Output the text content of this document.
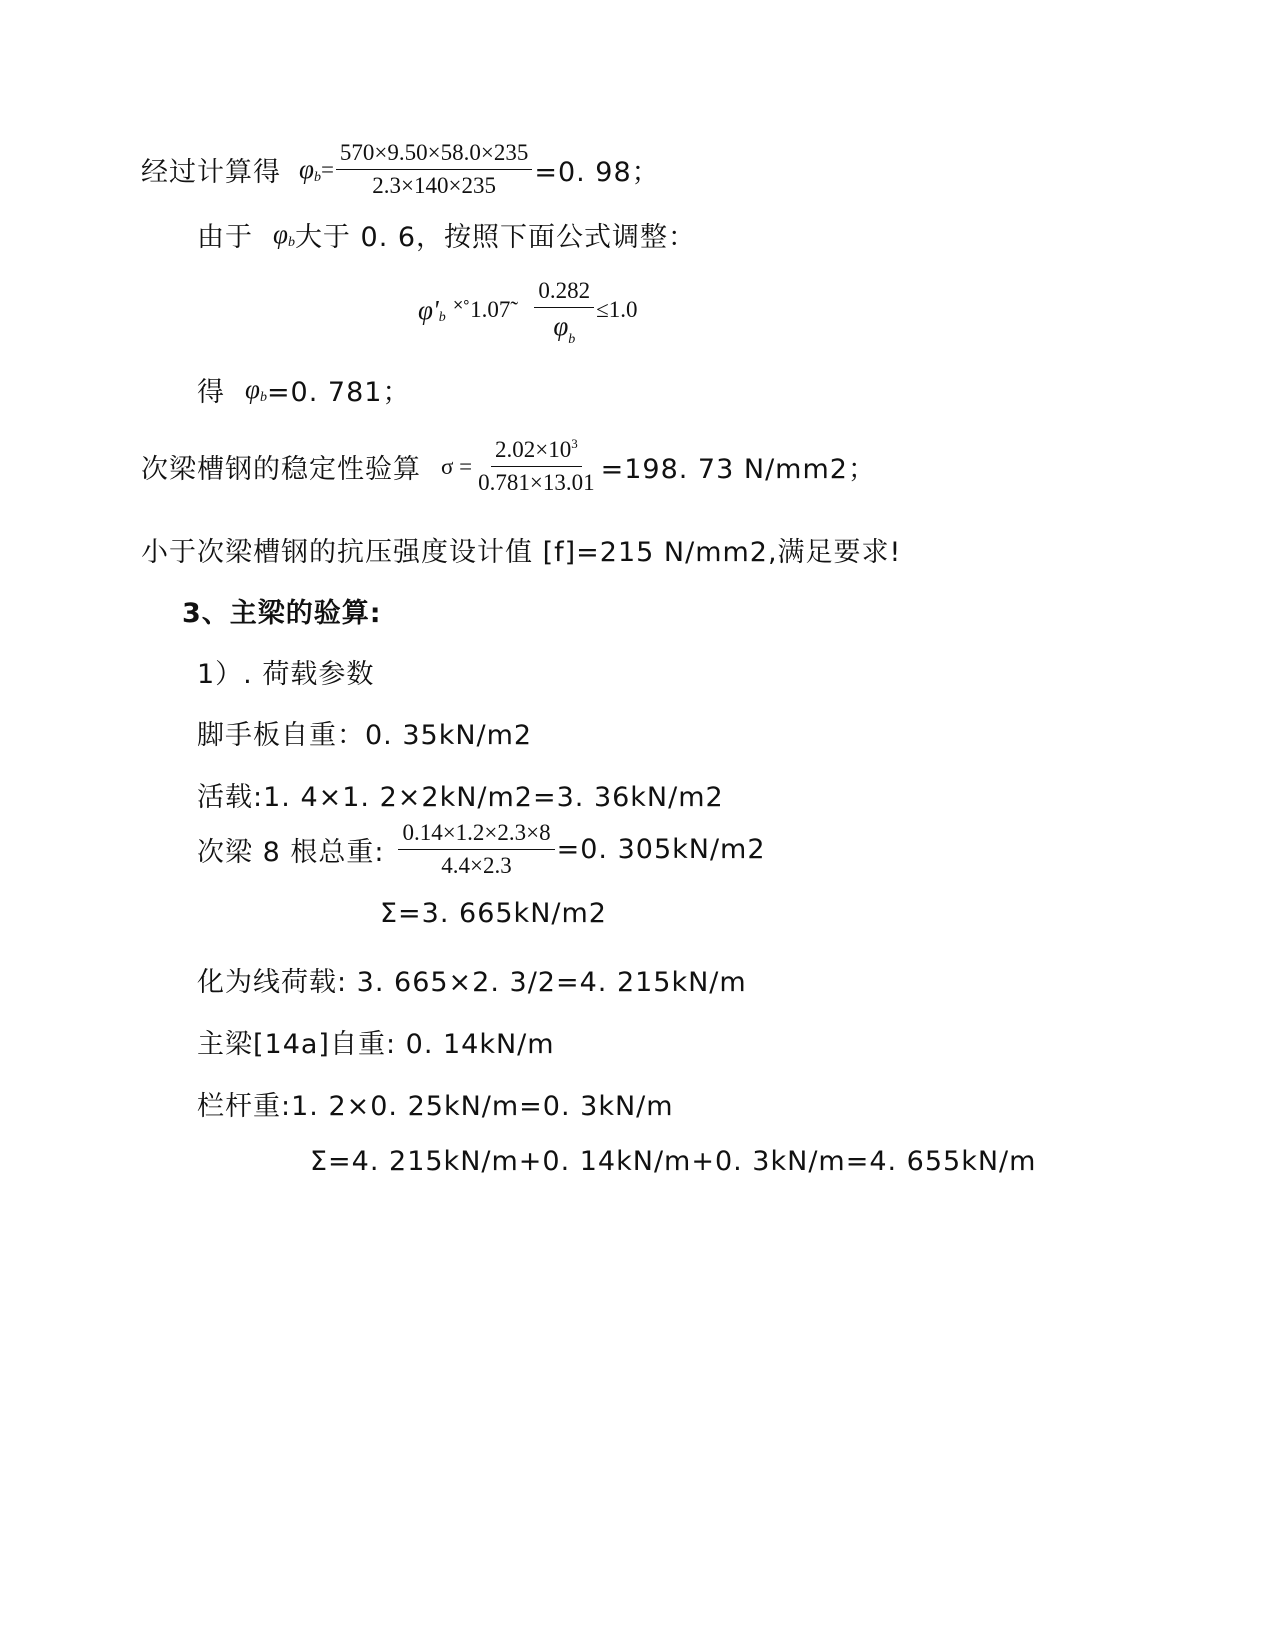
经过计算得 φ $b = \frac{570\times 9.50\times 58.0\times 235}{2.3\times 140\times 235} =0$. 98；
由于 φ b 大于 0. 6，按照下面公式调整：
φ' b ˟˚1.07̃ $\frac{0.282}{\varphi_b} \le 1.0$
得 φ b =0. 781；
次梁槽钢的稳定性验算 $\sigma = \frac{2.02\times 10^3}{0.781\times 13.01} =198$. 73 N/mm2；
小于次梁槽钢的抗压强度设计值 [f]=215 N/mm2,满足要求!
3、主梁的验算:
1）. 荷载参数
脚手板自重：0. 35kN/m2
活载:1. 4×1. 2×2kN/m2=3. 36kN/m2
次梁 8 根总重: $\frac{0.14\times 1.2\times 2.3\times 8}{4.4\times 2.3} =0$. 305kN/m2
Σ=3. 665kN/m2
化为线荷载: 3. 665×2. 3/2=4. 215kN/m
主梁[14a]自重: 0. 14kN/m
栏杆重:1. 2×0. 25kN/m=0. 3kN/m
Σ=4. 215kN/m+0. 14kN/m+0. 3kN/m=4. 655kN/m
